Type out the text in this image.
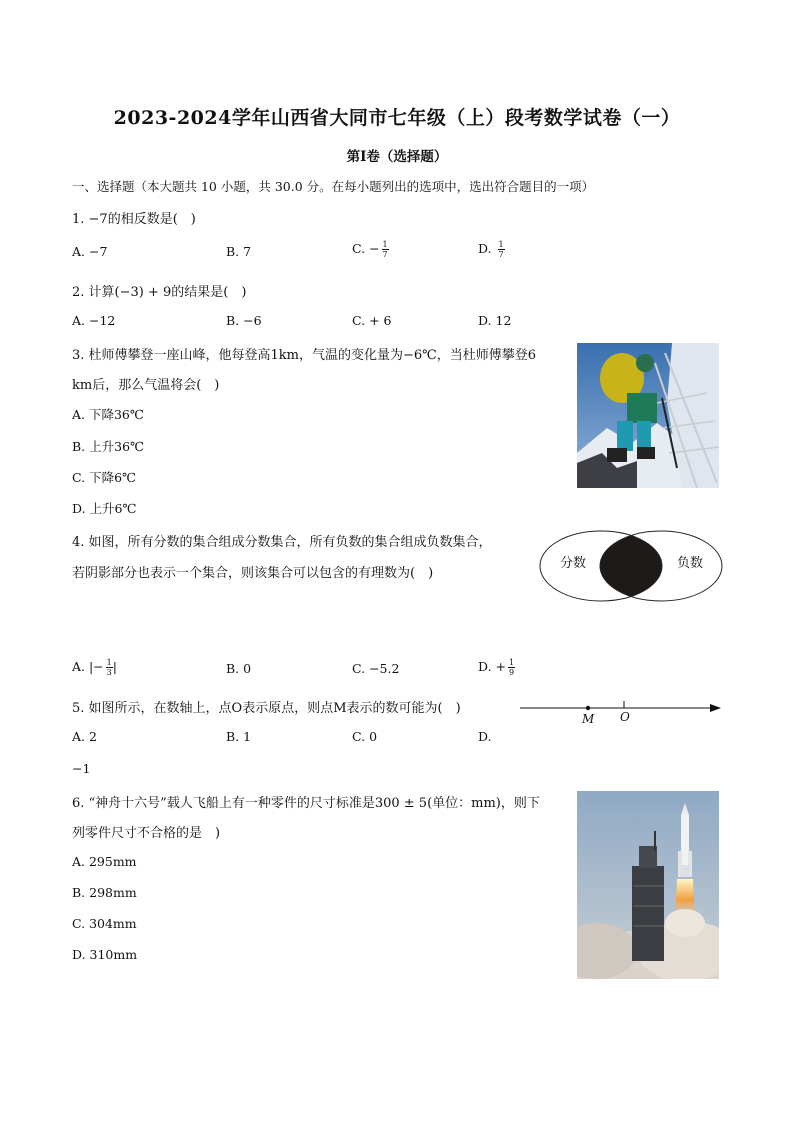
2023-2024学年山西省大同市七年级（上）段考数学试卷（一）
第I卷（选择题）
一、选择题（本大题共 10 小题，共 30.0 分。在每小题列出的选项中，选出符合题目的一项）
1. −7的相反数是(　)
A. −7	B. 7	C. − $\frac{1}{7}$	D. $\frac{1}{7}$
2. 计算(−3) + 9的结果是(　)
A. −12	B. −6	C. + 6	D. 12
3. 杜师傅攀登一座山峰，他每登高1km，气温的变化量为−6℃，当杜师傅攀登6
km后，那么气温将会(　)
A. 下降36℃
B. 上升36℃
C. 下降6℃
D. 上升6℃
4. 如图，所有分数的集合组成分数集合，所有负数的集合组成负数集合，
若阴影部分也表示一个集合，则该集合可以包含的有理数为(　)
分数	负数
A. |− $\frac{1}{3}$ |	B. 0	C. −5.2	D. + $\frac{1}{9}$
5. 如图所示，在数轴上，点O表示原点，则点M表示的数可能为(　)
M O
A. 2	B. 1	C. 0	D.
−1
6. “神舟十六号”载人飞船上有一种零件的尺寸标准是300 ± 5(单位：mm)，则下
列零件尺寸不合格的是　)
A. 295mm
B. 298mm
C. 304mm
D. 310mm
